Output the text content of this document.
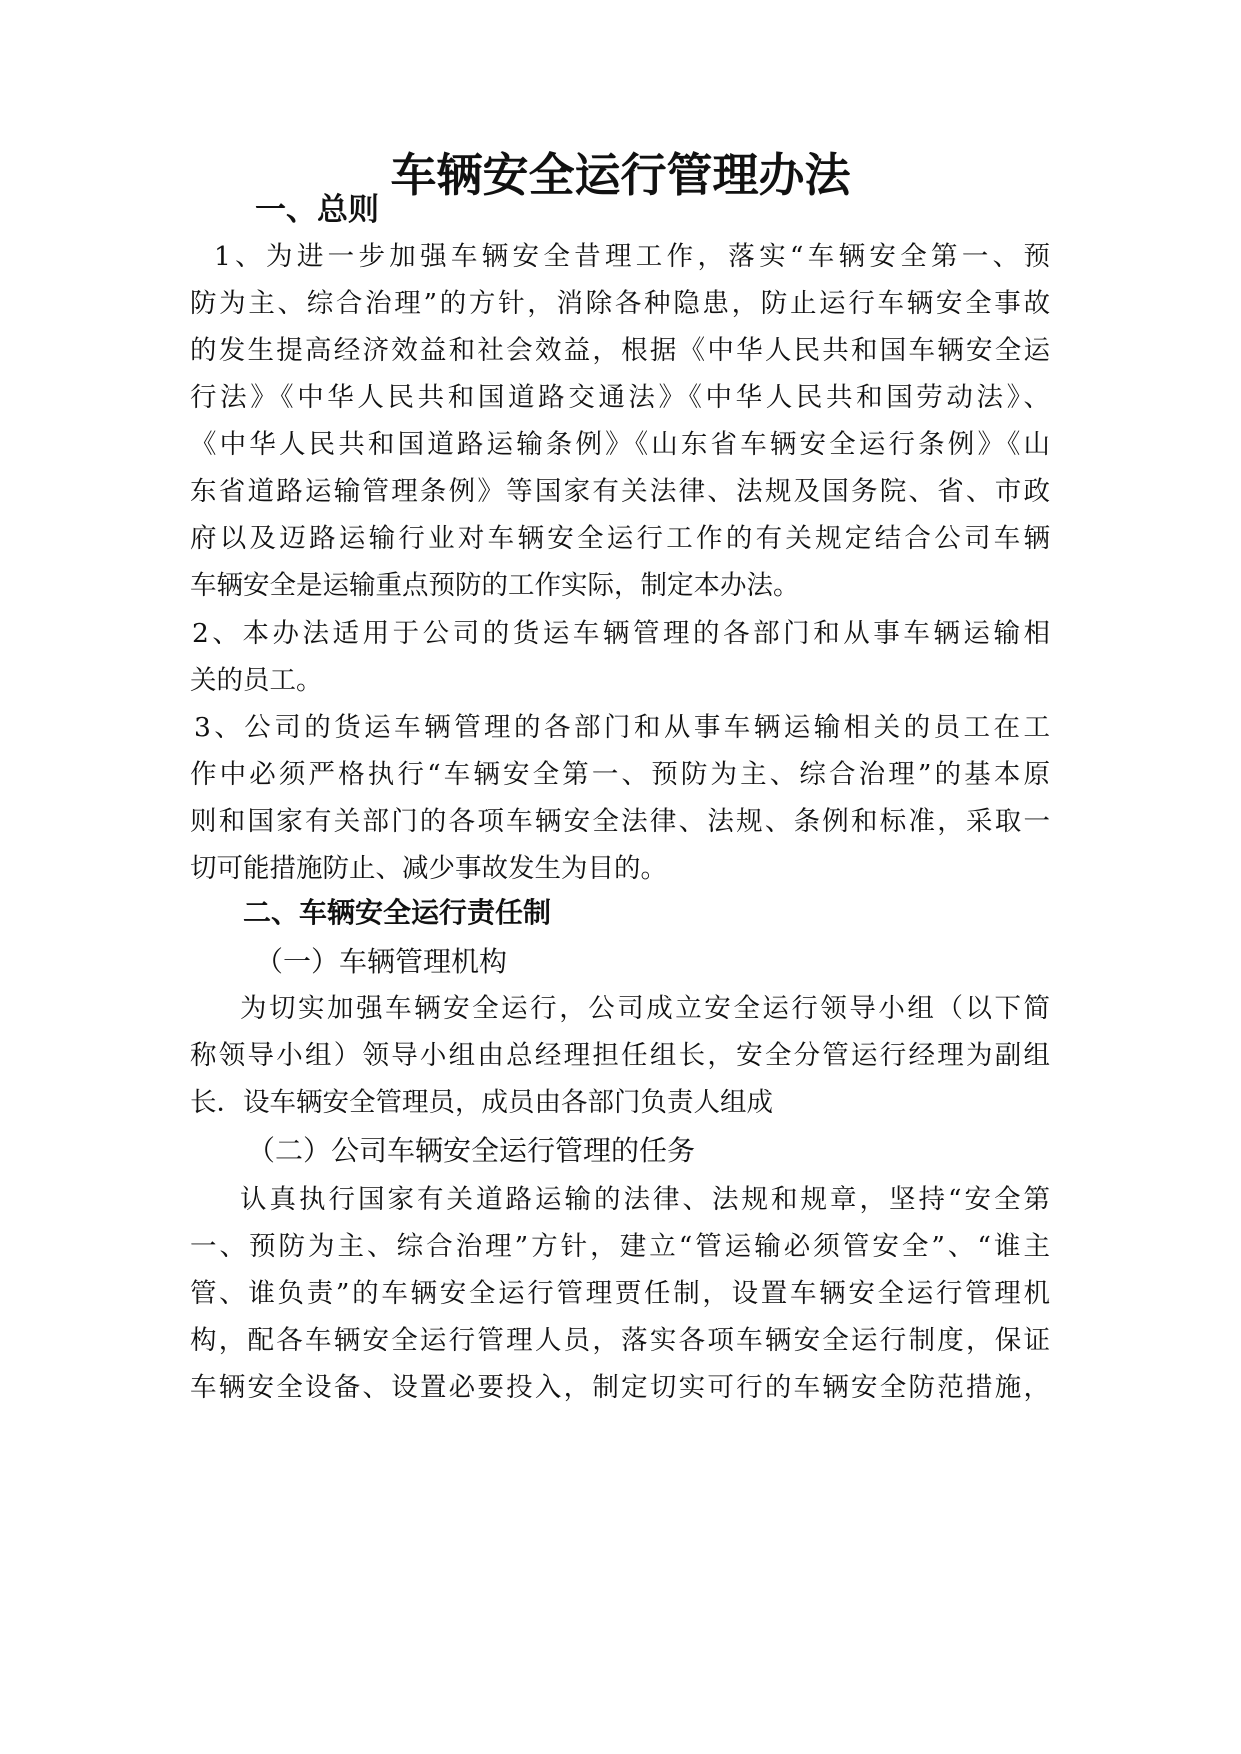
车辆安全运行管理办法
一、总则
1、为进一步加强车辆安全昔理工作，落实“车辆安全第一、预
防为主、综合治理”的方针，消除各种隐患，防止运行车辆安全事故
的发生提高经济效益和社会效益，根据《中华人民共和国车辆安全运
行法》《中华人民共和国道路交通法》《中华人民共和国劳动法》、
《中华人民共和国道路运输条例》《山东省车辆安全运行条例》《山
东省道路运输管理条例》等国家有关法律、法规及国务院、省、市政
府以及迈路运输行业对车辆安全运行工作的有关规定结合公司车辆
车辆安全是运输重点预防的工作实际，制定本办法。
2、本办法适用于公司的货运车辆管理的各部门和从事车辆运输相
关的员工。
3、公司的货运车辆管理的各部门和从事车辆运输相关的员工在工
作中必须严格执行“车辆安全第一、预防为主、综合治理”的基本原
则和国家有关部门的各项车辆安全法律、法规、条例和标准，采取一
切可能措施防止、减少事故发生为目的。
二、车辆安全运行责任制
（一）车辆管理机构
为切实加强车辆安全运行，公司成立安全运行领导小组（以下简
称领导小组）领导小组由总经理担任组长，安全分管运行经理为副组
长．设车辆安全管理员，成员由各部门负责人组成
（二）公司车辆安全运行管理的任务
认真执行国家有关道路运输的法律、法规和规章，坚持“安全第
一、预防为主、综合治理”方针，建立“管运输必须管安全”、“谁主
管、谁负责”的车辆安全运行管理贾任制，设置车辆安全运行管理机
构，配各车辆安全运行管理人员，落实各项车辆安全运行制度，保证
车辆安全设备、设置必要投入，制定切实可行的车辆安全防范措施，
